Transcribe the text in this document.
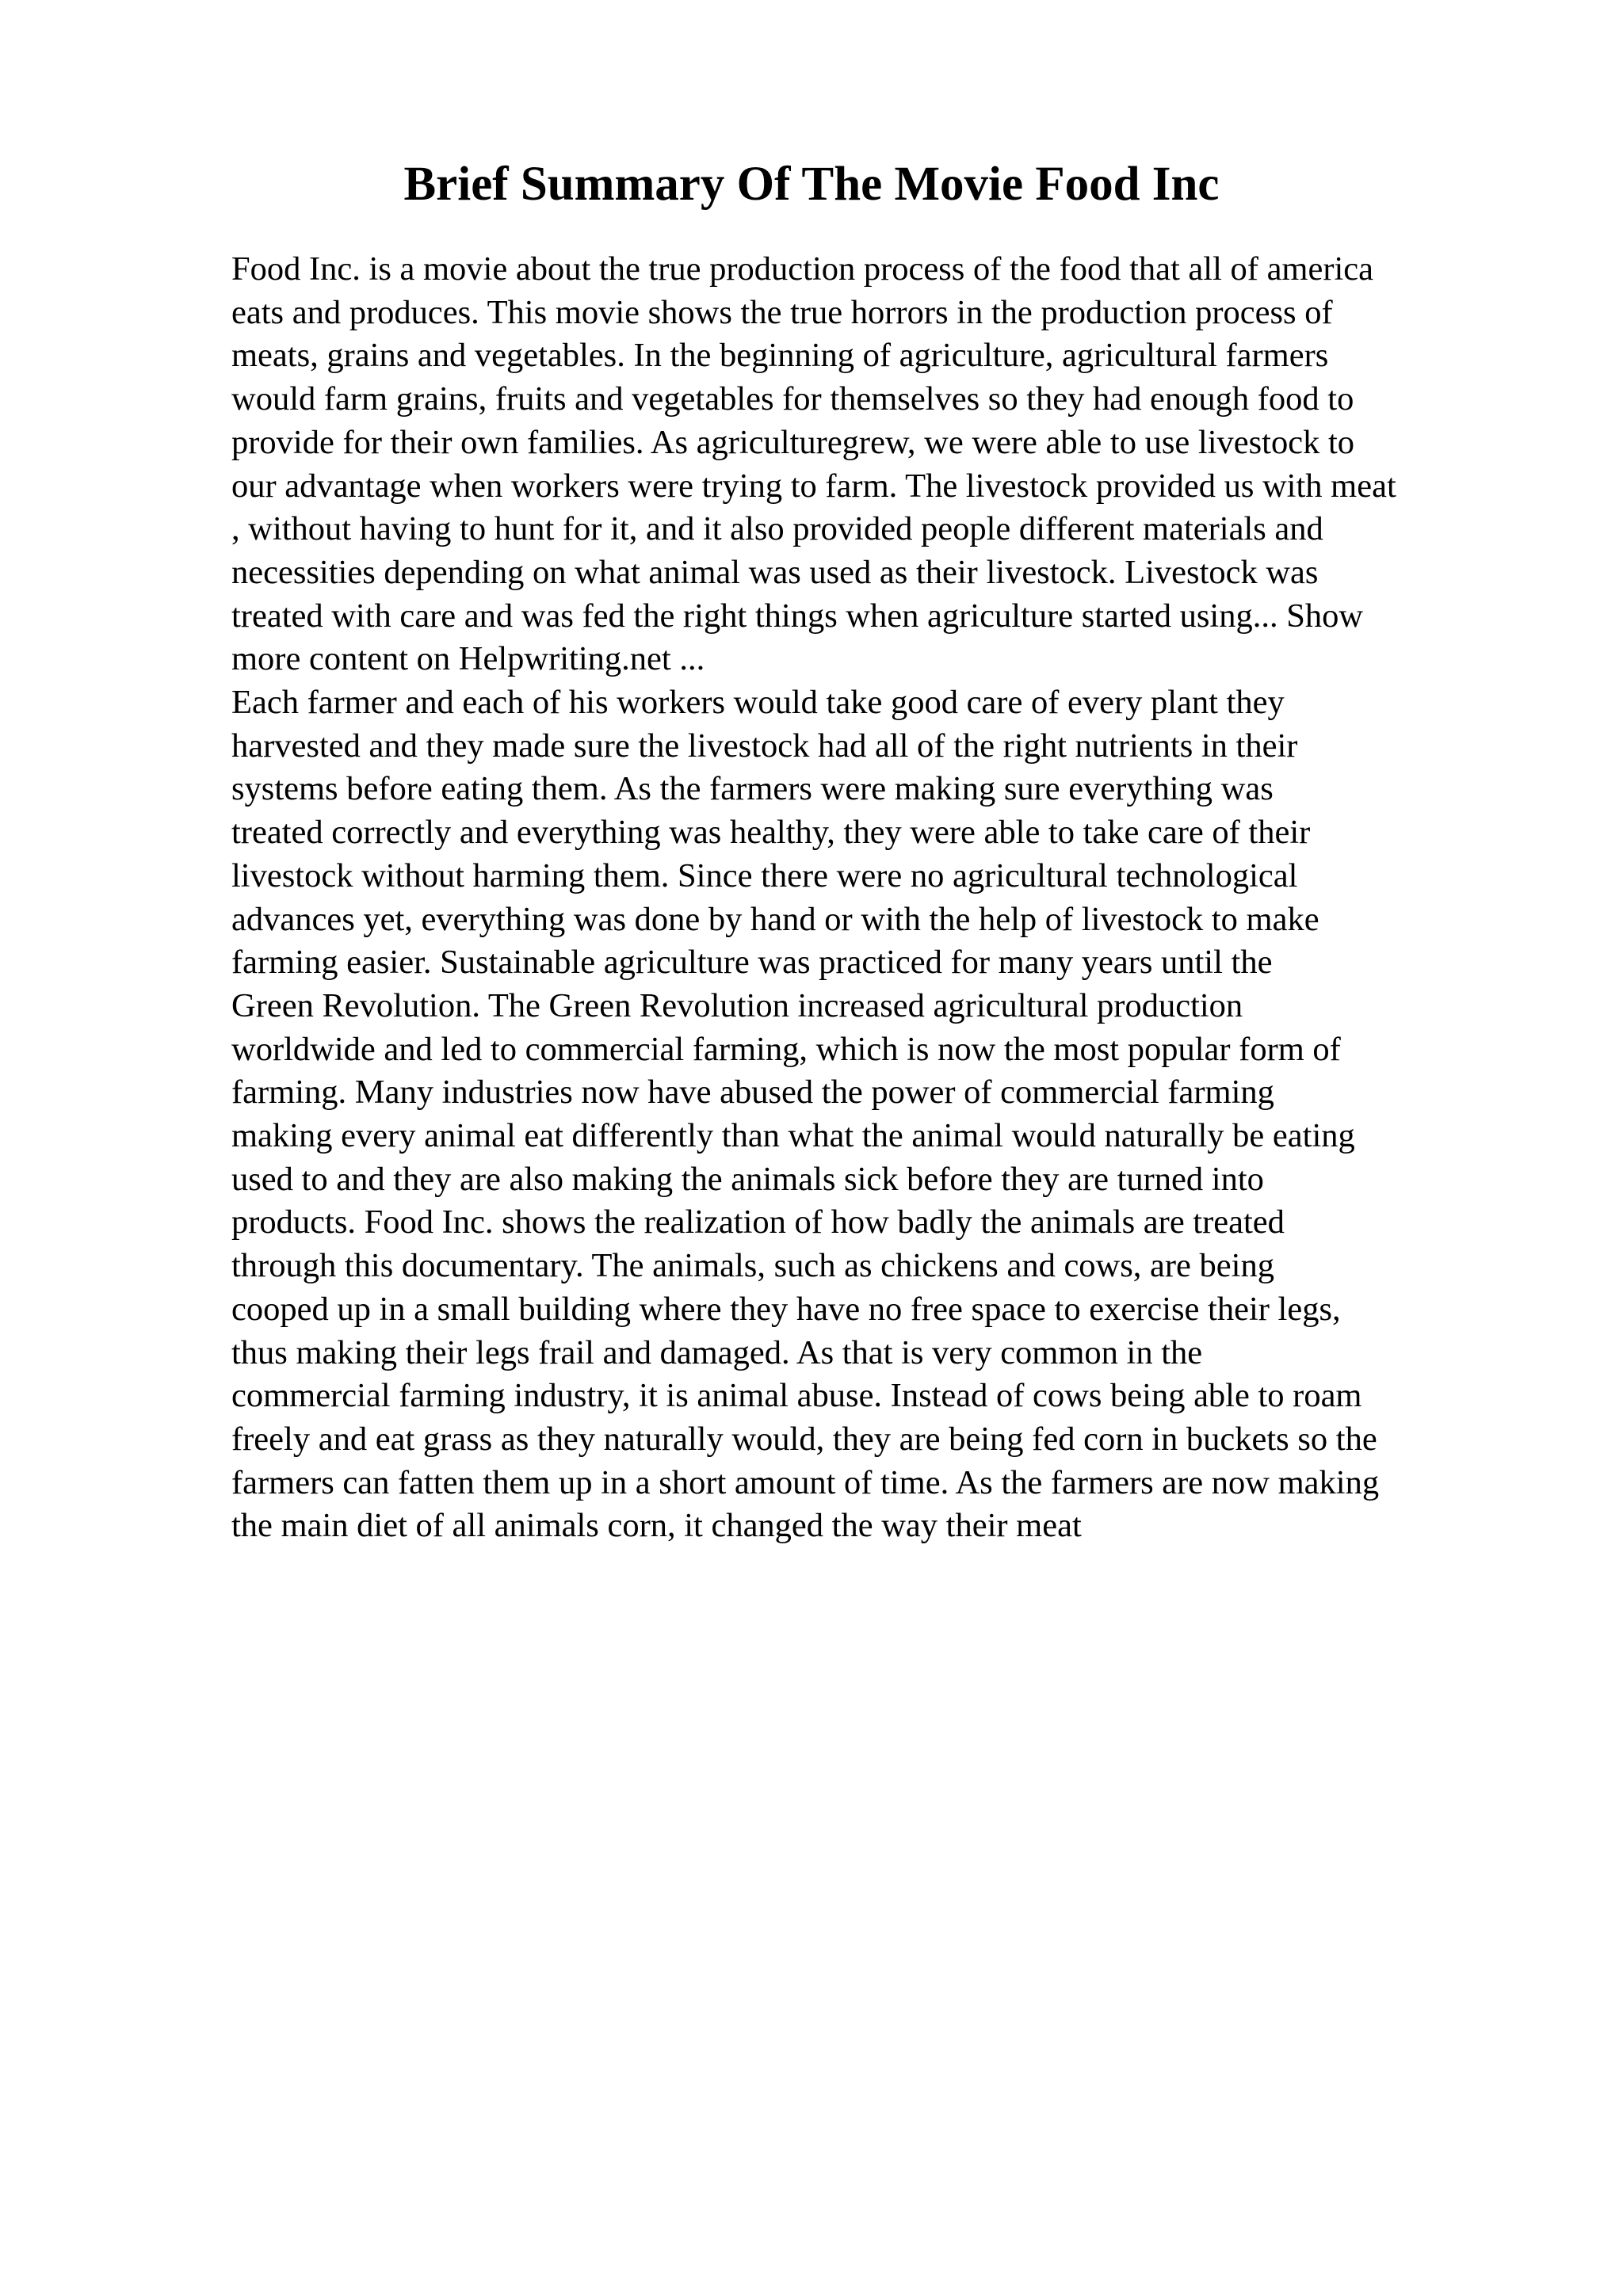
Brief Summary Of The Movie Food Inc
Food Inc. is a movie about the true production process of the food that all of america
eats and produces. This movie shows the true horrors in the production process of
meats, grains and vegetables. In the beginning of agriculture, agricultural farmers
would farm grains, fruits and vegetables for themselves so they had enough food to
provide for their own families. As agriculturegrew, we were able to use livestock to
our advantage when workers were trying to farm. The livestock provided us with meat
, without having to hunt for it, and it also provided people different materials and
necessities depending on what animal was used as their livestock. Livestock was
treated with care and was fed the right things when agriculture started using... Show
more content on Helpwriting.net ...
Each farmer and each of his workers would take good care of every plant they
harvested and they made sure the livestock had all of the right nutrients in their
systems before eating them. As the farmers were making sure everything was
treated correctly and everything was healthy, they were able to take care of their
livestock without harming them. Since there were no agricultural technological
advances yet, everything was done by hand or with the help of livestock to make
farming easier. Sustainable agriculture was practiced for many years until the
Green Revolution. The Green Revolution increased agricultural production
worldwide and led to commercial farming, which is now the most popular form of
farming. Many industries now have abused the power of commercial farming
making every animal eat differently than what the animal would naturally be eating
used to and they are also making the animals sick before they are turned into
products. Food Inc. shows the realization of how badly the animals are treated
through this documentary. The animals, such as chickens and cows, are being
cooped up in a small building where they have no free space to exercise their legs,
thus making their legs frail and damaged. As that is very common in the
commercial farming industry, it is animal abuse. Instead of cows being able to roam
freely and eat grass as they naturally would, they are being fed corn in buckets so the
farmers can fatten them up in a short amount of time. As the farmers are now making
the main diet of all animals corn, it changed the way their meat
